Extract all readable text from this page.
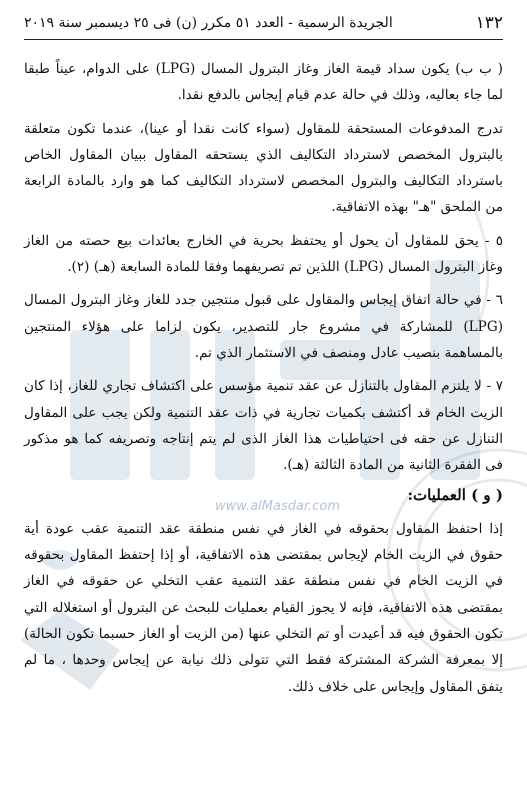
www.alMasdar.com
١٣٢
الجريدة الرسمية - العدد ٥١ مكرر (ن) فى ٢٥ ديسمبر سنة ٢٠١٩

( ب ب) يكون سداد قيمة الغاز وغاز البترول المسال (LPG) على الدوام، عيناً طبقا لما جاء بعاليه، وذلك في حالة عدم قيام إيجاس بالدفع نقدا.

تدرج المدفوعات المستحقة للمقاول (سواء كانت نقدا أو عينا)، عندما تكون متعلقة بالبترول المخصص لاسترداد التكاليف الذي يستحقه المقاول ببيان المقاول الخاص باسترداد التكاليف والبترول المخصص لاسترداد التكاليف كما هو وارد بالمادة الرابعة من الملحق "هـ" بهذه الاتفاقية.

٥ - يحق للمقاول أن يحول أو يحتفظ بحرية في الخارج بعائدات بيع حصته من الغاز وغاز البترول المسال (LPG) اللذين تم تصريفهما وفقا للمادة السابعة (هـ) (٢).

٦ - في حالة اتفاق إيجاس والمقاول على قبول منتجين جدد للغاز وغاز البترول المسال (LPG) للمشاركة في مشروع جار للتصدير، يكون لزاما على هؤلاء المنتجين بالمساهمة بنصيب عادل ومنصف في الاستثمار الذي تم.

٧ - لا يلتزم المقاول بالتنازل عن عقد تنمية مؤسس على اكتشاف تجاري للغاز، إذا كان الزيت الخام قد أكتشف بكميات تجارية في ذات عقد التنمية ولكن يجب على المقاول التنازل عن حقه فى احتياطيات هذا الغاز الذى لم يتم إنتاجه وتصريفه كما هو مذكور فى الفقرة الثانية من المادة الثالثة (هـ).

( و ) العمليات:

إذا احتفظ المقاول بحقوقه في الغاز في نفس منطقة عقد التنمية عقب عودة أية حقوق في الزيت الخام لإيجاس بمقتضى هذه الاتفاقية، أو إذا إحتفظ المقاول بحقوقه في الزيت الخام في نفس منطقة عقد التنمية عقب التخلي عن حقوقه في الغاز بمقتضى هذه الاتفاقية، فإنه لا يجوز القيام بعمليات للبحث عن البترول أو استغلاله التي تكون الحقوق فيه قد أعيدت أو تم التخلي عنها (من الزيت أو الغاز حسبما تكون الحالة) إلا بمعرفة الشركة المشتركة فقط التي تتولى ذلك نيابة عن إيجاس وحدها ، ما لم يتفق المقاول وإيجاس على خلاف ذلك.
